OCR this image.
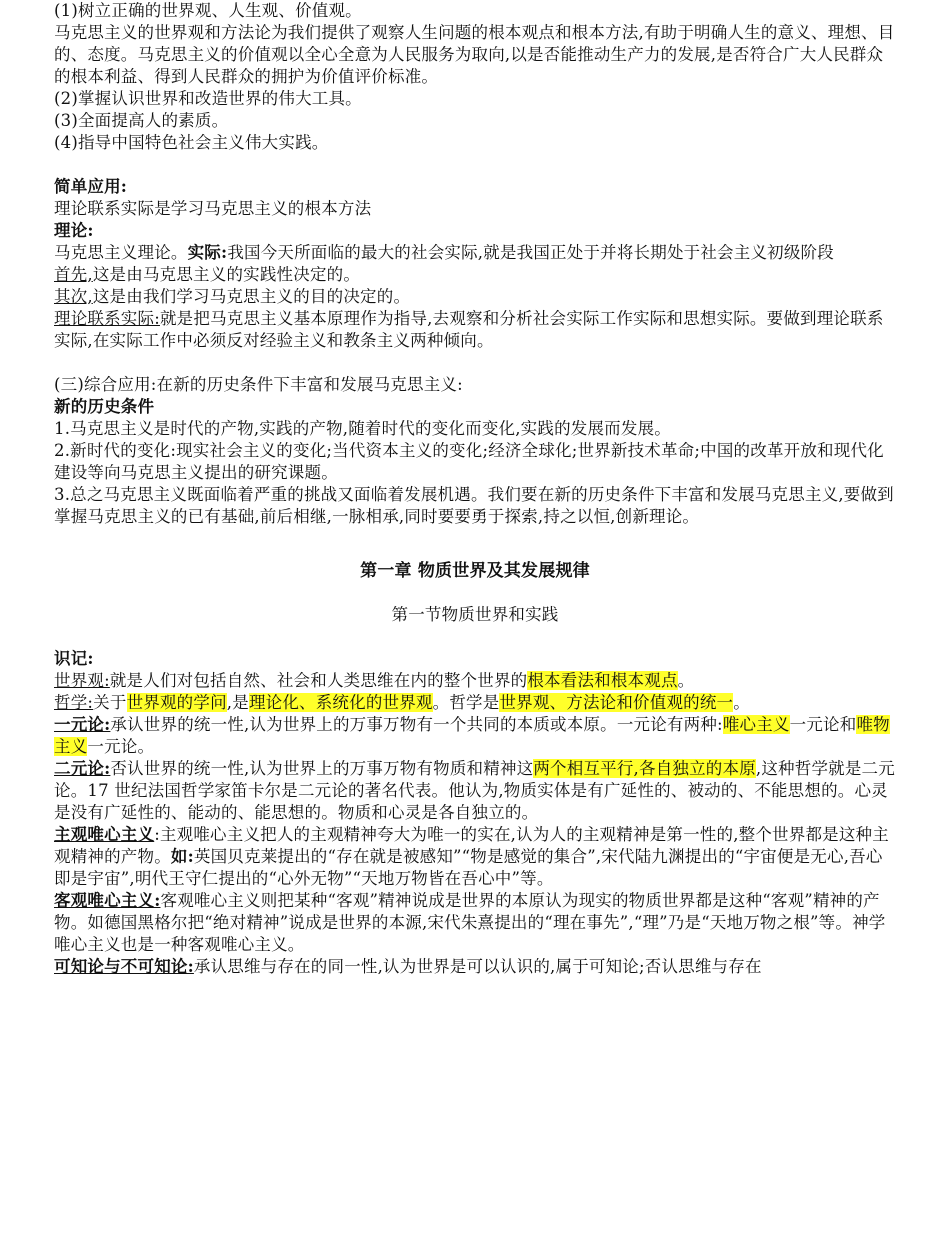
(1)树立正确的世界观、人生观、价值观。

马克思主义的世界观和方法论为我们提供了观察人生问题的根本观点和根本方法,有助于明确人生的意义、理想、目的、态度。马克思主义的价值观以全心全意为人民服务为取向,以是否能推动生产力的发展,是否符合广大人民群众的根本利益、得到人民群众的拥护为价值评价标准。

(2)掌握认识世界和改造世界的伟大工具。

(3)全面提高人的素质。

(4)指导中国特色社会主义伟大实践。

简单应用:

理论联系实际是学习马克思主义的根本方法

理论:

马克思主义理论。实际:我国今天所面临的最大的社会实际,就是我国正处于并将长期处于社会主义初级阶段

首先,这是由马克思主义的实践性决定的。

其次,这是由我们学习马克思主义的目的决定的。

理论联系实际:就是把马克思主义基本原理作为指导,去观察和分析社会实际工作实际和思想实际。要做到理论联系实际,在实际工作中必须反对经验主义和教条主义两种倾向。

(三)综合应用:在新的历史条件下丰富和发展马克思主义:

新的历史条件

1.马克思主义是时代的产物,实践的产物,随着时代的变化而变化,实践的发展而发展。

2.新时代的变化:现实社会主义的变化;当代资本主义的变化;经济全球化;世界新技术革命;中国的改革开放和现代化建设等向马克思主义提出的研究课题。

3.总之马克思主义既面临着严重的挑战又面临着发展机遇。我们要在新的历史条件下丰富和发展马克思主义,要做到掌握马克思主义的已有基础,前后相继,一脉相承,同时要要勇于探索,持之以恒,创新理论。

第一章 物质世界及其发展规律

第一节物质世界和实践

识记:

世界观:就是人们对包括自然、社会和人类思维在内的整个世界的根本看法和根本观点。

哲学:关于世界观的学问,是理论化、系统化的世界观。哲学是世界观、方法论和价值观的统一。

一元论:承认世界的统一性,认为世界上的万事万物有一个共同的本质或本原。一元论有两种:唯心主义一元论和唯物主义一元论。

二元论:否认世界的统一性,认为世界上的万事万物有物质和精神这两个相互平行,各自独立的本原,这种哲学就是二元论。17 世纪法国哲学家笛卡尔是二元论的著名代表。他认为,物质实体是有广延性的、被动的、不能思想的。心灵是没有广延性的、能动的、能思想的。物质和心灵是各自独立的。

主观唯心主义:主观唯心主义把人的主观精神夸大为唯一的实在,认为人的主观精神是第一性的,整个世界都是这种主观精神的产物。如:英国贝克莱提出的“存在就是被感知”“物是感觉的集合”,宋代陆九渊提出的“宇宙便是无心,吾心即是宇宙”,明代王守仁提出的“心外无物”“天地万物皆在吾心中”等。

客观唯心主义:客观唯心主义则把某种“客观”精神说成是世界的本原认为现实的物质世界都是这种“客观”精神的产物。如德国黑格尔把“绝对精神”说成是世界的本源,宋代朱熹提出的“理在事先”,“理”乃是“天地万物之根”等。神学唯心主义也是一种客观唯心主义。

可知论与不可知论:承认思维与存在的同一性,认为世界是可以认识的,属于可知论;否认思维与存在
